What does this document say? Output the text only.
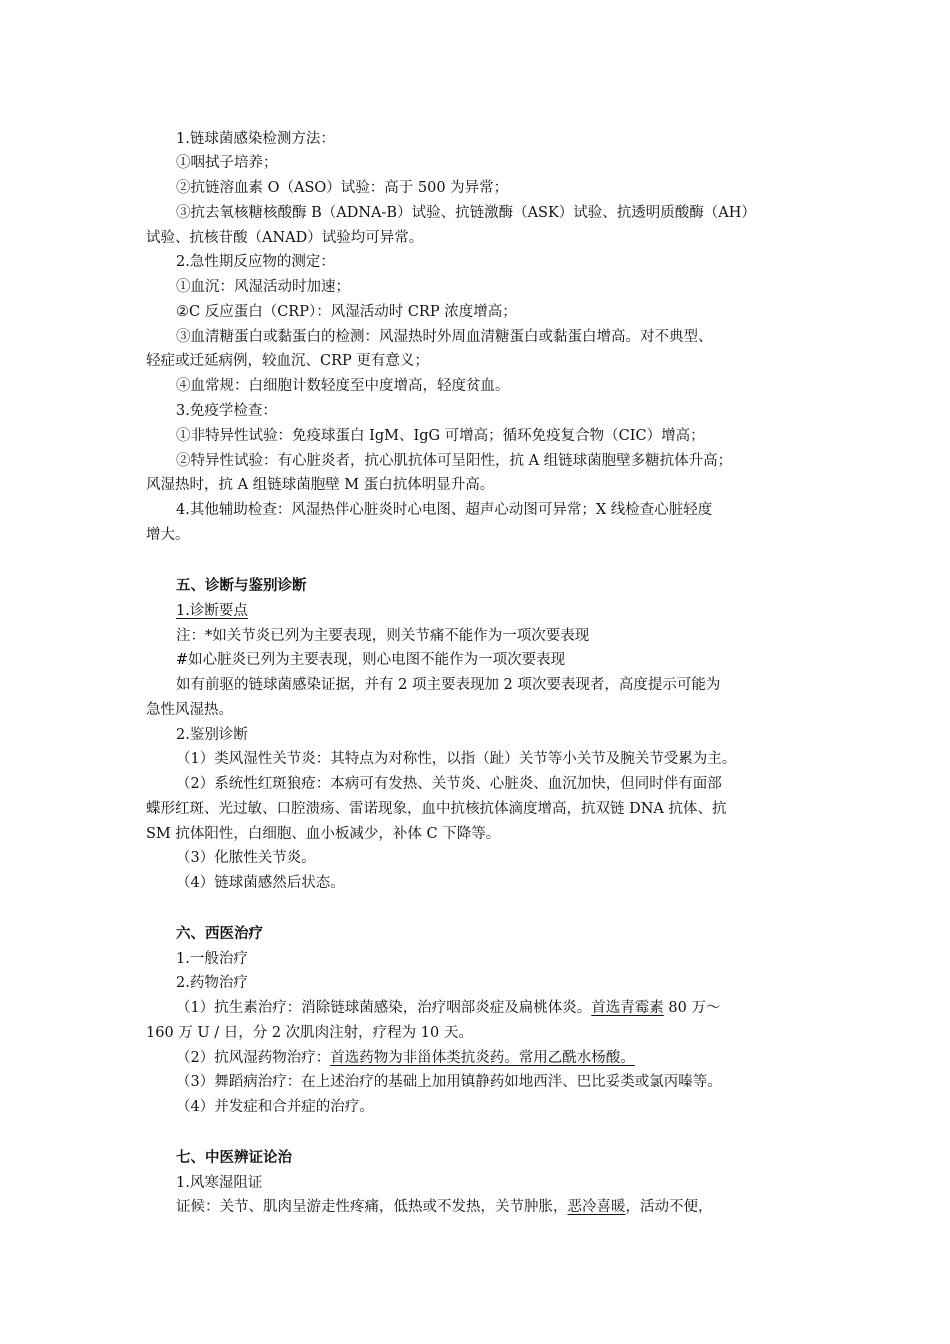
1.链球菌感染检测方法：
①咽拭子培养；
②抗链溶血素 O（ASO）试验：高于 500 为异常；
③抗去氧核糖核酸酶 B（ADNA-B）试验、抗链激酶（ASK）试验、抗透明质酸酶（AH）
试验、抗核苷酸（ANAD）试验均可异常。
2.急性期反应物的测定：
①血沉：风湿活动时加速；
②C 反应蛋白（CRP）：风湿活动时 CRP 浓度增高；
③血清糖蛋白或黏蛋白的检测：风湿热时外周血清糖蛋白或黏蛋白增高。对不典型、
轻症或迁延病例，较血沉、CRP 更有意义；
④血常规：白细胞计数轻度至中度增高，轻度贫血。
3.免疫学检查：
①非特异性试验：免疫球蛋白 IgM、IgG 可增高；循环免疫复合物（CIC）增高；
②特异性试验：有心脏炎者，抗心肌抗体可呈阳性，抗 A 组链球菌胞壁多糖抗体升高；
风湿热时，抗 A 组链球菌胞壁 M 蛋白抗体明显升高。
4.其他辅助检查：风湿热伴心脏炎时心电图、超声心动图可异常；X 线检查心脏轻度
增大。
五、诊断与鉴别诊断
1.诊断要点
注：*如关节炎已列为主要表现，则关节痛不能作为一项次要表现
#如心脏炎已列为主要表现，则心电图不能作为一项次要表现
如有前驱的链球菌感染证据，并有 2 项主要表现加 2 项次要表现者，高度提示可能为
急性风湿热。
2.鉴别诊断
（1）类风湿性关节炎：其特点为对称性，以指（趾）关节等小关节及腕关节受累为主。
（2）系统性红斑狼疮：本病可有发热、关节炎、心脏炎、血沉加快，但同时伴有面部
蝶形红斑、光过敏、口腔溃疡、雷诺现象，血中抗核抗体滴度增高，抗双链 DNA 抗体、抗
SM 抗体阳性，白细胞、血小板减少，补体 C 下降等。
（3）化脓性关节炎。
（4）链球菌感然后状态。
六、西医治疗
1.一般治疗
2.药物治疗
（1）抗生素治疗：消除链球菌感染，治疗咽部炎症及扁桃体炎。首选青霉素 80 万～
160 万 U / 日，分 2 次肌肉注射，疗程为 10 天。
（2）抗风湿药物治疗：首选药物为非甾体类抗炎药。常用乙酰水杨酸。
（3）舞蹈病治疗：在上述治疗的基础上加用镇静药如地西泮、巴比妥类或氯丙嗪等。
（4）并发症和合并症的治疗。
七、中医辨证论治
1.风寒湿阻证
证候：关节、肌肉呈游走性疼痛，低热或不发热，关节肿胀，恶冷喜暖，活动不便，
